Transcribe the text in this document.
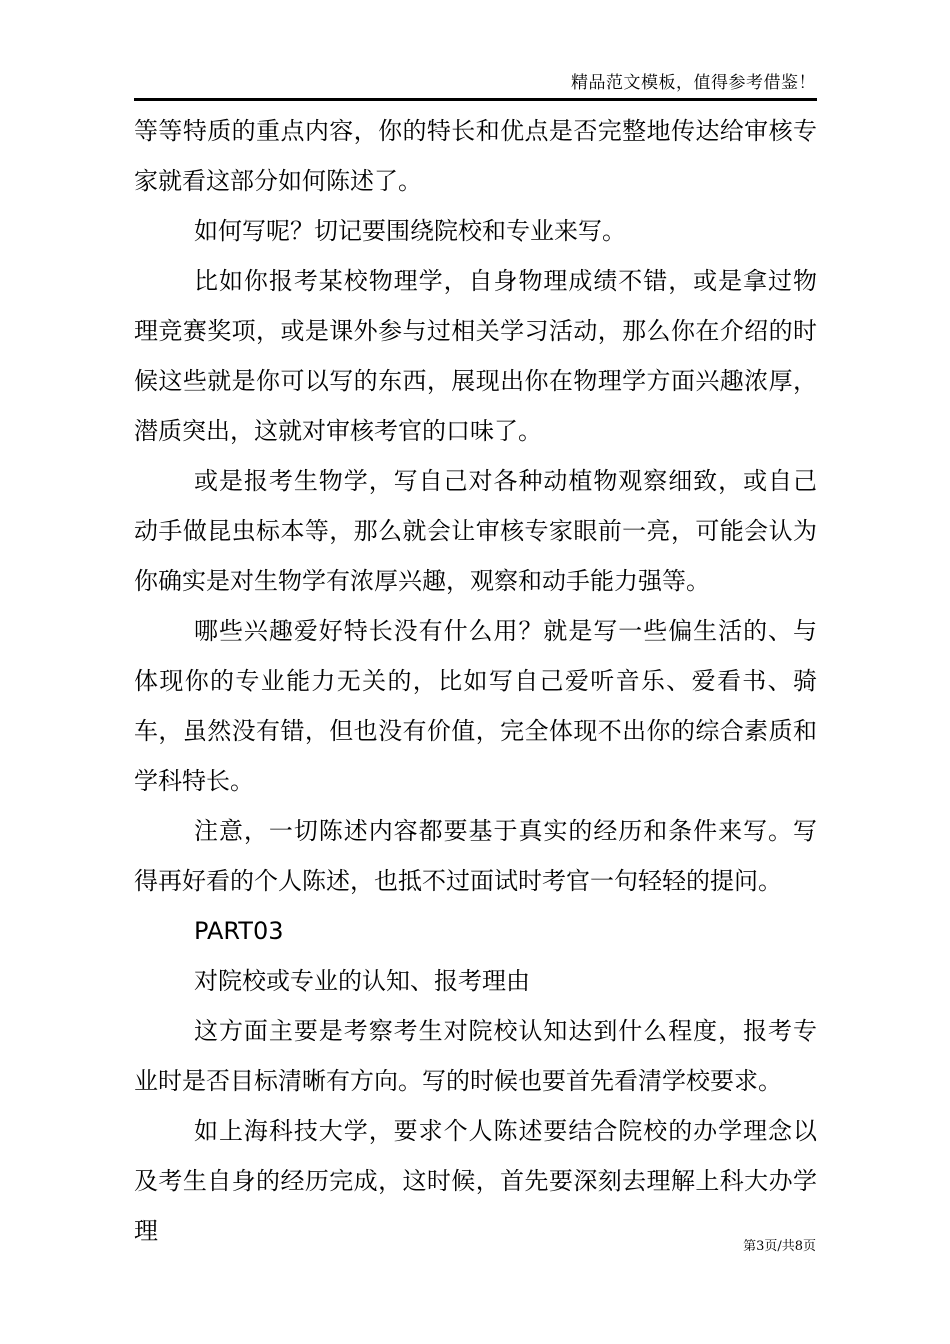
精品范文模板，值得参考借鉴！

等等特质的重点内容，你的特长和优点是否完整地传达给审核专家就看这部分如何陈述了。

如何写呢？切记要围绕院校和专业来写。

比如你报考某校物理学，自身物理成绩不错，或是拿过物理竞赛奖项，或是课外参与过相关学习活动，那么你在介绍的时候这些就是你可以写的东西，展现出你在物理学方面兴趣浓厚，潜质突出，这就对审核考官的口味了。

或是报考生物学，写自己对各种动植物观察细致，或自己动手做昆虫标本等，那么就会让审核专家眼前一亮，可能会认为你确实是对生物学有浓厚兴趣，观察和动手能力强等。

哪些兴趣爱好特长没有什么用？就是写一些偏生活的、与体现你的专业能力无关的，比如写自己爱听音乐、爱看书、骑车，虽然没有错，但也没有价值，完全体现不出你的综合素质和学科特长。

注意，一切陈述内容都要基于真实的经历和条件来写。写得再好看的个人陈述，也抵不过面试时考官一句轻轻的提问。

PART03

对院校或专业的认知、报考理由

这方面主要是考察考生对院校认知达到什么程度，报考专业时是否目标清晰有方向。写的时候也要首先看清学校要求。

如上海科技大学，要求个人陈述要结合院校的办学理念以及考生自身的经历完成，这时候，首先要深刻去理解上科大办学理

第3页/共8页
